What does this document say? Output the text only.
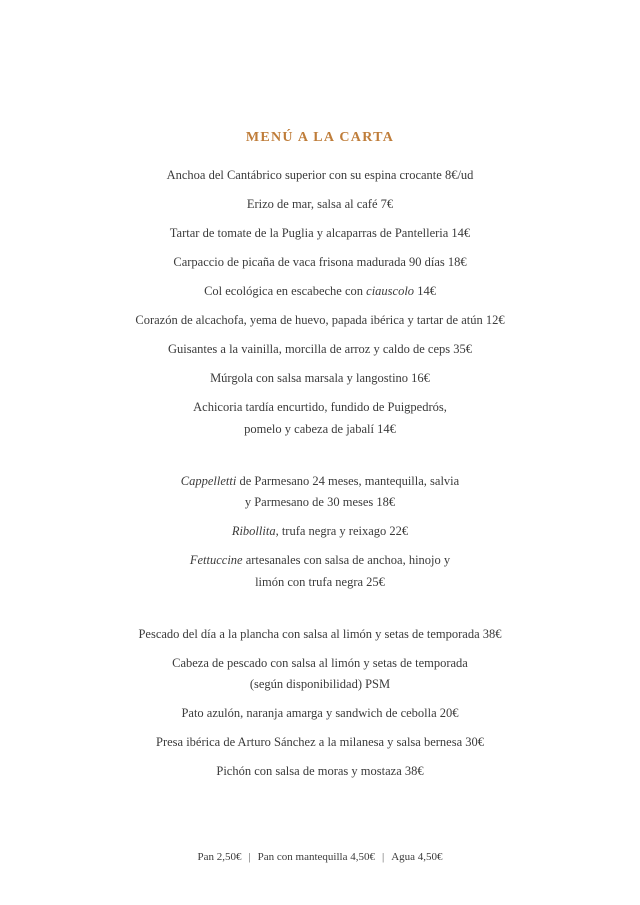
MENÚ A LA CARTA
Anchoa del Cantábrico superior con su espina crocante 8€/ud
Erizo de mar, salsa al café 7€
Tartar de tomate de la Puglia y alcaparras de Pantelleria 14€
Carpaccio de picaña de vaca frisona madurada 90 días 18€
Col ecológica en escabeche con ciauscolo 14€
Corazón de alcachofa, yema de huevo, papada ibérica y tartar de atún 12€
Guisantes a la vainilla, morcilla de arroz y caldo de ceps 35€
Múrgola con salsa marsala y langostino 16€
Achicoria tardía encurtido, fundido de Puigpedrós,
pomelo y cabeza de jabalí 14€
Cappelletti de Parmesano 24 meses, mantequilla, salvia
y Parmesano de 30 meses 18€
Ribollita, trufa negra y reixago 22€
Fettuccine artesanales con salsa de anchoa, hinojo y
limón con trufa negra 25€
Pescado del día a la plancha con salsa al limón y setas de temporada 38€
Cabeza de pescado con salsa al limón y setas de temporada
(según disponibilidad) PSM
Pato azulón, naranja amarga y sandwich de cebolla 20€
Presa ibérica de Arturo Sánchez a la milanesa y salsa bernesa 30€
Pichón con salsa de moras y mostaza 38€
Pan 2,50€ | Pan con mantequilla 4,50€ | Agua 4,50€
